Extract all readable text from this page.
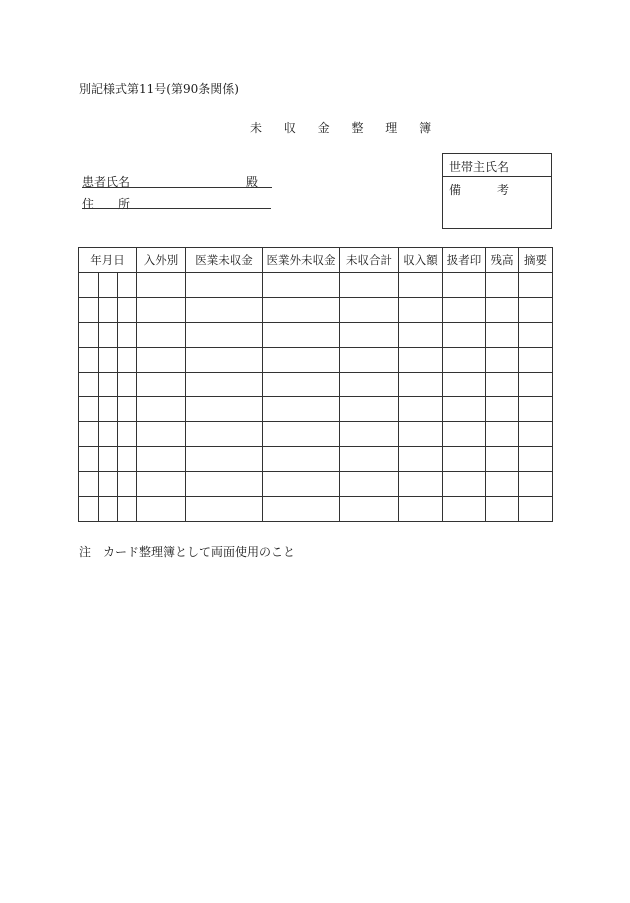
別記様式第11号(第90条関係)
未 収 金 整 理 簿
患者氏名	殿
住　　所
世帯主氏名
備　　　考
年月日			入外別	医業未収金	医業外未収金	未収合計	収入額	扱者印	残高	摘要

注　カード整理簿として両面使用のこと
